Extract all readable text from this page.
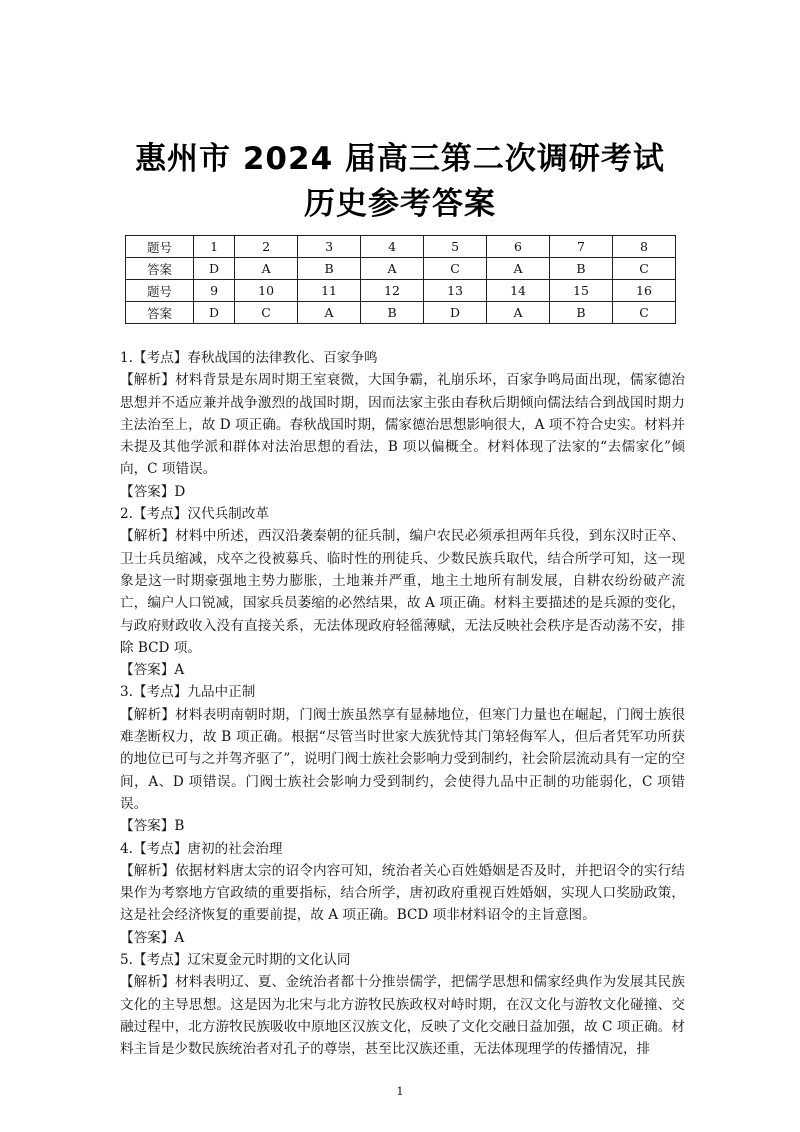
惠州市 2024 届高三第二次调研考试
历史参考答案
题号	1	2	3	4	5	6	7	8
答案	D	A	B	A	C	A	B	C
题号	9	10	11	12	13	14	15	16
答案	D	C	A	B	D	A	B	C

1.【考点】春秋战国的法律教化、百家争鸣

【解析】材料背景是东周时期王室衰微，大国争霸，礼崩乐坏，百家争鸣局面出现，儒家德治思想并不适应兼并战争激烈的战国时期，因而法家主张由春秋后期倾向儒法结合到战国时期力主法治至上，故 D 项正确。春秋战国时期，儒家德治思想影响很大，A 项不符合史实。材料并未提及其他学派和群体对法治思想的看法，B 项以偏概全。材料体现了法家的“去儒家化”倾向，C 项错误。

【答案】D

2.【考点】汉代兵制改革

【解析】材料中所述，西汉沿袭秦朝的征兵制，编户农民必须承担两年兵役，到东汉时正卒、卫士兵员缩减，戍卒之役被募兵、临时性的刑徒兵、少数民族兵取代，结合所学可知，这一现象是这一时期豪强地主势力膨胀，土地兼并严重，地主土地所有制发展，自耕农纷纷破产流亡，编户人口锐减，国家兵员萎缩的必然结果，故 A 项正确。材料主要描述的是兵源的变化，与政府财政收入没有直接关系，无法体现政府轻徭薄赋，无法反映社会秩序是否动荡不安，排除 BCD 项。

【答案】A

3.【考点】九品中正制

【解析】材料表明南朝时期，门阀士族虽然享有显赫地位，但寒门力量也在崛起，门阀士族很难垄断权力，故 B 项正确。根据“尽管当时世家大族犹恃其门第轻侮军人，但后者凭军功所获的地位已可与之并驾齐驱了”，说明门阀士族社会影响力受到制约，社会阶层流动具有一定的空间，A、D 项错误。门阀士族社会影响力受到制约，会使得九品中正制的功能弱化，C 项错误。

【答案】B

4.【考点】唐初的社会治理

【解析】依据材料唐太宗的诏令内容可知，统治者关心百姓婚姻是否及时，并把诏令的实行结果作为考察地方官政绩的重要指标，结合所学，唐初政府重视百姓婚姻，实现人口奖励政策，这是社会经济恢复的重要前提，故 A 项正确。BCD 项非材料诏令的主旨意图。

【答案】A

5.【考点】辽宋夏金元时期的文化认同

【解析】材料表明辽、夏、金统治者都十分推崇儒学，把儒学思想和儒家经典作为发展其民族文化的主导思想。这是因为北宋与北方游牧民族政权对峙时期，在汉文化与游牧文化碰撞、交融过程中，北方游牧民族吸收中原地区汉族文化，反映了文化交融日益加强，故 C 项正确。材料主旨是少数民族统治者对孔子的尊崇，甚至比汉族还重，无法体现理学的传播情况，排

1
